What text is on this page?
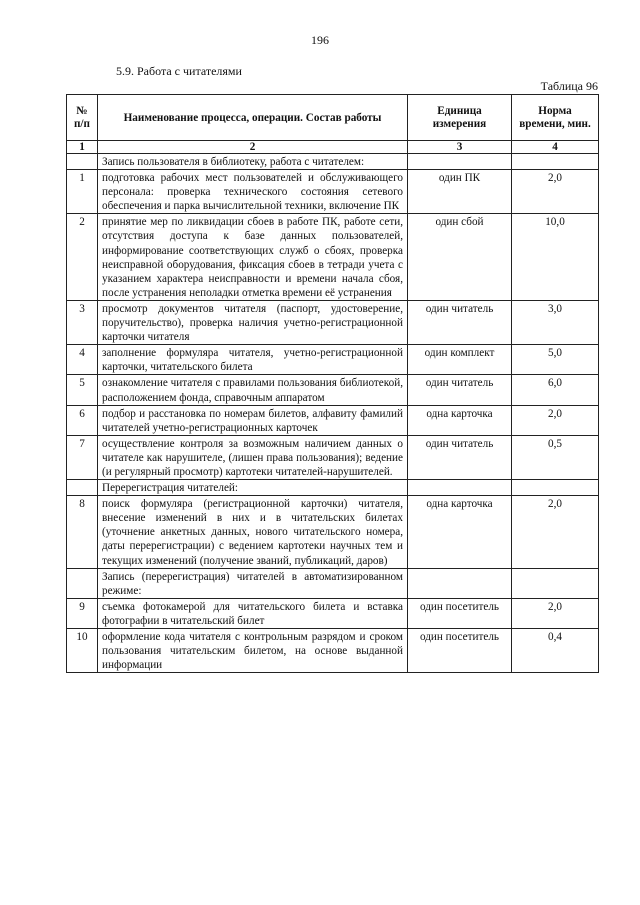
196
5.9. Работа с читателями
Таблица 96
№ п/п	Наименование процесса, операции. Состав работы	Единица измерения	Норма времени, мин.
1	2	3	4
	Запись пользователя в библиотеку, работа с читателем:		
1	подготовка рабочих мест пользователей и обслуживающего персонала: проверка технического состояния сетевого обеспечения и парка вычислительной техники, включение ПК	один ПК	2,0
2	принятие мер по ликвидации сбоев в работе ПК, работе сети, отсутствия доступа к базе данных пользователей, информирование соответствующих служб о сбоях, проверка неисправной оборудования, фиксация сбоев в тетради учета с указанием характера неисправности и времени начала сбоя, после устранения неполадки отметка времени её устранения	один сбой	10,0
3	просмотр документов читателя (паспорт, удостоверение, поручительство), проверка наличия учетно-регистрационной карточки читателя	один читатель	3,0
4	заполнение формуляра читателя, учетно-регистрационной карточки, читательского билета	один комплект	5,0
5	ознакомление читателя с правилами пользования библиотекой, расположением фонда, справочным аппаратом	один читатель	6,0
6	подбор и расстановка по номерам билетов, алфавиту фамилий читателей учетно-регистрационных карточек	одна карточка	2,0
7	осуществление контроля за возможным наличием данных о читателе как нарушителе, (лишен права пользования); ведение (и регулярный просмотр) картотеки читателей-нарушителей.	один читатель	0,5
	Перерегистрация читателей:		
8	поиск формуляра (регистрационной карточки) читателя, внесение изменений в них и в читательских билетах (уточнение анкетных данных, нового читательского номера, даты перерегистрации) с ведением картотеки научных тем и текущих изменений (получение званий, публикаций, даров)	одна карточка	2,0
	Запись (перерегистрация) читателей в автоматизированном режиме:		
9	съемка фотокамерой для читательского билета и вставка фотографии в читательский билет	один посетитель	2,0
10	оформление кода читателя с контрольным разрядом и сроком пользования читательским билетом, на основе выданной информации	один посетитель	0,4
